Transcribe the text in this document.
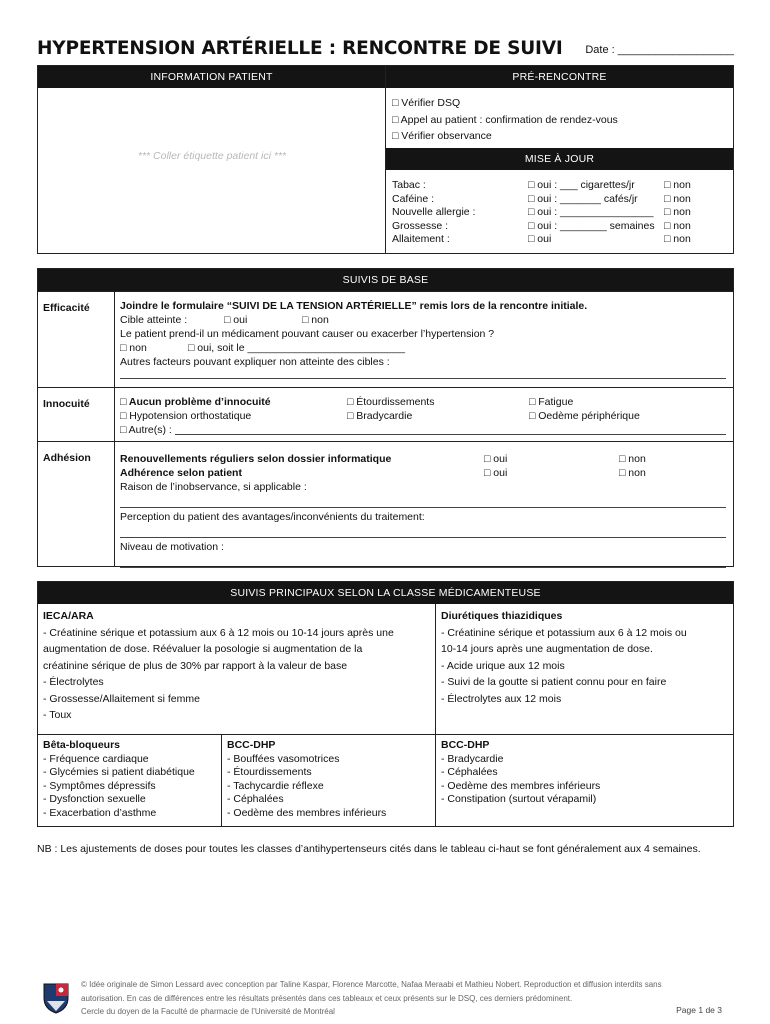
HYPERTENSION ARTÉRIELLE : RENCONTRE DE SUIVI Date : ___________________
INFORMATION PATIENT
*** Coller étiquette patient ici ***
PRÉ-RENCONTRE
□ Vérifier DSQ
□ Appel au patient : confirmation de rendez-vous
□ Vérifier observance
MISE À JOUR
Tabac :	□ oui : ___ cigarettes/jr	□ non
Caféine :	□ oui : _______ cafés/jr	□ non
Nouvelle allergie :	□ oui : ________________ □ non
Grossesse :	□ oui : ________ semaines □ non
Allaitement :	□ oui	□ non
SUIVIS DE BASE
Efficacité	Joindre le formulaire “SUIVI DE LA TENSION ARTÉRIELLE” remis lors de la rencontre initiale.
Cible atteinte :	□ oui	□ non
Le patient prend-il un médicament pouvant causer ou exacerber l’hypertension ?
□ non	□ oui, soit le ___________________________
Autres facteurs pouvant expliquer non atteinte des cibles :
Innocuité	□ Aucun problème d’innocuité	□ Étourdissements	□ Fatigue
□ Hypotension orthostatique	□ Bradycardie	□ Oedème périphérique
□ Autre(s) :
Adhésion	Renouvellements réguliers selon dossier informatique	□ oui	□ non
Adhérence selon patient	□ oui	□ non
Raison de l’inobservance, si applicable :
Perception du patient des avantages/inconvénients du traitement:
Niveau de motivation :
SUIVIS PRINCIPAUX SELON LA CLASSE MÉDICAMENTEUSE
IECA/ARA
- Créatinine sérique et potassium aux 6 à 12 mois ou 10-14 jours après une
augmentation de dose. Réévaluer la posologie si augmentation de la
créatinine sérique de plus de 30% par rapport à la valeur de base
- Électrolytes
- Grossesse/Allaitement si femme
- Toux
Diurétiques thiazidiques
- Créatinine sérique et potassium aux 6 à 12 mois ou
10-14 jours après une augmentation de dose.
- Acide urique aux 12 mois
- Suivi de la goutte si patient connu pour en faire
- Électrolytes aux 12 mois
Bêta-bloqueurs
- Fréquence cardiaque
- Glycémies si patient diabétique
- Symptômes dépressifs
- Dysfonction sexuelle
- Exacerbation d’asthme
BCC-DHP
- Bouffées vasomotrices
- Étourdissements
- Tachycardie réflexe
- Céphalées
- Oedème des membres inférieurs
BCC-DHP
- Bradycardie
- Céphalées
- Oedème des membres inférieurs
- Constipation (surtout vérapamil)
NB : Les ajustements de doses pour toutes les classes d’antihypertenseurs cités dans le tableau ci-haut se font généralement aux 4 semaines.
© Idée originale de Simon Lessard avec conception par Taline Kaspar, Florence Marcotte, Nafaa Meraabi et Mathieu Nobert. Reproduction et diffusion interdits sans
autorisation. En cas de différences entre les résultats présentés dans ces tableaux et ceux présents sur le DSQ, ces derniers prédominent.
Cercle du doyen de la Faculté de pharmacie de l’Université de Montréal	Page 1 de 3
